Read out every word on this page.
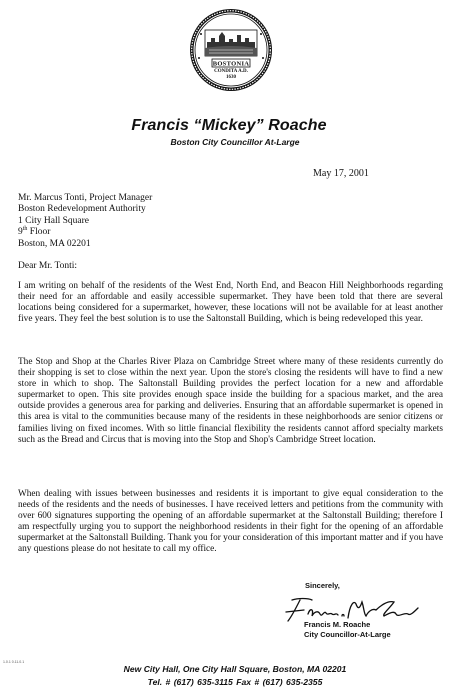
BOSTONIA
CONDITA A.D.
1630
Francis “Mickey” Roache
Boston City Councillor At-Large
May 17, 2001
Mr. Marcus Tonti, Project Manager
Boston Redevelopment Authority
1 City Hall Square
9th Floor
Boston, MA 02201
Dear Mr. Tonti:

I am writing on behalf of the residents of the West End, North End, and Beacon Hill Neighborhoods regarding their need for an affordable and easily accessible supermarket. They have been told that there are several locations being considered for a supermarket, however, these locations will not be available for at least another five years. They feel the best solution is to use the Saltonstall Building, which is being redeveloped this year.

The Stop and Shop at the Charles River Plaza on Cambridge Street where many of these residents currently do their shopping is set to close within the next year. Upon the store's closing the residents will have to find a new store in which to shop. The Saltonstall Building provides the perfect location for a new and affordable supermarket to open. This site provides enough space inside the building for a spacious market, and the area outside provides a generous area for parking and deliveries. Ensuring that an affordable supermarket is opened in this area is vital to the communities because many of the residents in these neighborhoods are senior citizens or families living on fixed incomes. With so little financial flexibility the residents cannot afford specialty markets such as the Bread and Circus that is moving into the Stop and Shop's Cambridge Street location.

When dealing with issues between businesses and residents it is important to give equal consideration to the needs of the residents and the needs of businesses. I have received letters and petitions from the community with over 600 signatures supporting the opening of an affordable supermarket at the Saltonstall Building; therefore I am respectfully urging you to support the neighborhood residents in their fight for the opening of an affordable supermarket at the Saltonstall Building. Thank you for your consideration of this important matter and if you have any questions please do not hesitate to call my office.

Sincerely,
Francis M. Roache
City Councillor-At-Large
1.0.1 0.11.0.1
New City Hall, One City Hall Square, Boston, MA 02201
Tel. # (617) 635-3115 Fax # (617) 635-2355
